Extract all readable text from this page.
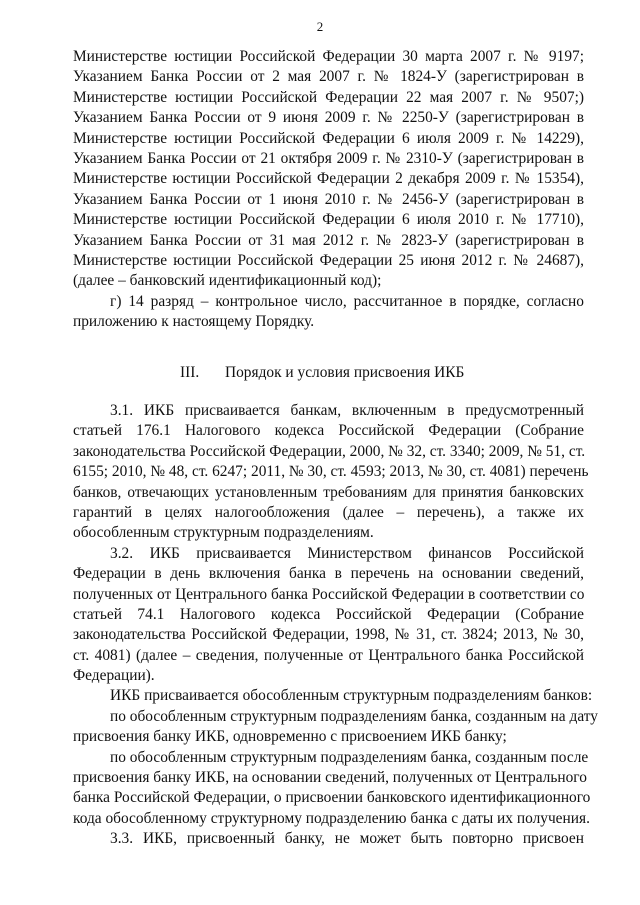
2
Министерстве юстиции Российской Федерации 30 марта 2007 г. № 9197;
Указанием Банка России от 2 мая 2007 г. № 1824-У (зарегистрирован в
Министерстве юстиции Российской Федерации 22 мая 2007 г. № 9507;)
Указанием Банка России от 9 июня 2009 г. № 2250-У (зарегистрирован в
Министерстве юстиции Российской Федерации 6 июля 2009 г. № 14229),
Указанием Банка России от 21 октября 2009 г. № 2310-У (зарегистрирован в
Министерстве юстиции Российской Федерации 2 декабря 2009 г. № 15354),
Указанием Банка России от 1 июня 2010 г. № 2456-У (зарегистрирован в
Министерстве юстиции Российской Федерации 6 июля 2010 г. № 17710),
Указанием Банка России от 31 мая 2012 г. № 2823-У (зарегистрирован в
Министерстве юстиции Российской Федерации 25 июня 2012 г. № 24687),
(далее – банковский идентификационный код);
г) 14 разряд – контрольное число, рассчитанное в порядке, согласно
приложению к настоящему Порядку.
III. Порядок и условия присвоения ИКБ
3.1. ИКБ присваивается банкам, включенным в предусмотренный
статьей 176.1 Налогового кодекса Российской Федерации (Собрание
законодательства Российской Федерации, 2000, № 32, ст. 3340; 2009, № 51, ст.
6155; 2010, № 48, ст. 6247; 2011, № 30, ст. 4593; 2013, № 30, ст. 4081) перечень
банков, отвечающих установленным требованиям для принятия банковских
гарантий в целях налогообложения (далее – перечень), а также их
обособленным структурным подразделениям.
3.2. ИКБ присваивается Министерством финансов Российской
Федерации в день включения банка в перечень на основании сведений,
полученных от Центрального банка Российской Федерации в соответствии со
статьей 74.1 Налогового кодекса Российской Федерации (Собрание
законодательства Российской Федерации, 1998, № 31, ст. 3824; 2013, № 30,
ст. 4081) (далее – сведения, полученные от Центрального банка Российской
Федерации).
ИКБ присваивается обособленным структурным подразделениям банков:
по обособленным структурным подразделениям банка, созданным на дату
присвоения банку ИКБ, одновременно с присвоением ИКБ банку;
по обособленным структурным подразделениям банка, созданным после
присвоения банку ИКБ, на основании сведений, полученных от Центрального
банка Российской Федерации, о присвоении банковского идентификационного
кода обособленному структурному подразделению банка с даты их получения.
3.3. ИКБ, присвоенный банку, не может быть повторно присвоен
